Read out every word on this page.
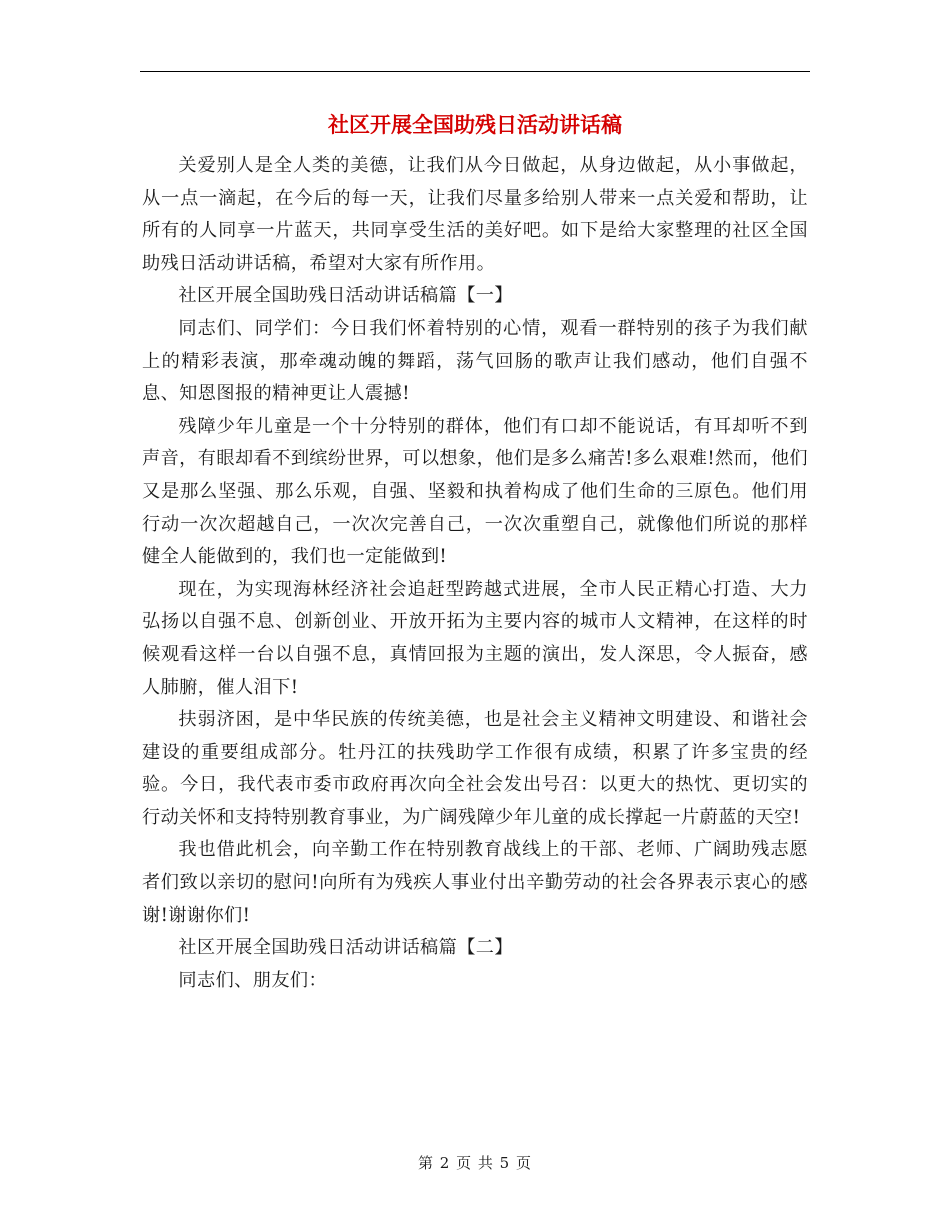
社区开展全国助残日活动讲话稿

关爱别人是全人类的美德，让我们从今日做起，从身边做起，从小事做起，从一点一滴起，在今后的每一天，让我们尽量多给别人带来一点关爱和帮助，让所有的人同享一片蓝天，共同享受生活的美好吧。如下是给大家整理的社区全国助残日活动讲话稿，希望对大家有所作用。

社区开展全国助残日活动讲话稿篇【一】

同志们、同学们：今日我们怀着特别的心情，观看一群特别的孩子为我们献上的精彩表演，那牵魂动魄的舞蹈，荡气回肠的歌声让我们感动，他们自强不息、知恩图报的精神更让人震撼!

残障少年儿童是一个十分特别的群体，他们有口却不能说话，有耳却听不到声音，有眼却看不到缤纷世界，可以想象，他们是多么痛苦!多么艰难!然而，他们又是那么坚强、那么乐观，自强、坚毅和执着构成了他们生命的三原色。他们用行动一次次超越自己，一次次完善自己，一次次重塑自己，就像他们所说的那样健全人能做到的，我们也一定能做到!

现在，为实现海林经济社会追赶型跨越式进展，全市人民正精心打造、大力弘扬以自强不息、创新创业、开放开拓为主要内容的城市人文精神，在这样的时候观看这样一台以自强不息，真情回报为主题的演出，发人深思，令人振奋，感人肺腑，催人泪下!

扶弱济困，是中华民族的传统美德，也是社会主义精神文明建设、和谐社会建设的重要组成部分。牡丹江的扶残助学工作很有成绩，积累了许多宝贵的经验。今日，我代表市委市政府再次向全社会发出号召：以更大的热忱、更切实的行动关怀和支持特别教育事业，为广阔残障少年儿童的成长撑起一片蔚蓝的天空!

我也借此机会，向辛勤工作在特别教育战线上的干部、老师、广阔助残志愿者们致以亲切的慰问!向所有为残疾人事业付出辛勤劳动的社会各界表示衷心的感谢!谢谢你们!

社区开展全国助残日活动讲话稿篇【二】

同志们、朋友们：

第 2 页 共 5 页
